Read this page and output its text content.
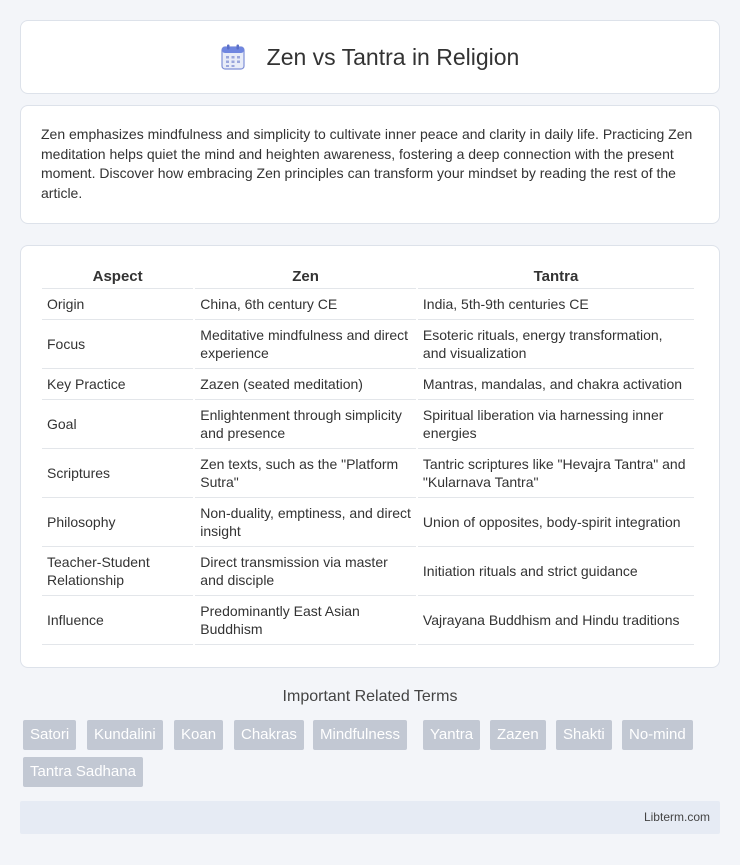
Zen vs Tantra in Religion

Zen emphasizes mindfulness and simplicity to cultivate inner peace and clarity in daily life. Practicing Zen meditation helps quiet the mind and heighten awareness, fostering a deep connection with the present moment. Discover how embracing Zen principles can transform your mindset by reading the rest of the article.

Aspect	Zen	Tantra
Origin	China, 6th century CE	India, 5th-9th centuries CE
Focus	Meditative mindfulness and direct experience	Esoteric rituals, energy transformation, and visualization
Key Practice	Zazen (seated meditation)	Mantras, mandalas, and chakra activation
Goal	Enlightenment through simplicity and presence	Spiritual liberation via harnessing inner energies
Scriptures	Zen texts, such as the "Platform Sutra"	Tantric scriptures like "Hevajra Tantra" and "Kularnava Tantra"
Philosophy	Non-duality, emptiness, and direct insight	Union of opposites, body-spirit integration
Teacher-Student Relationship	Direct transmission via master and disciple	Initiation rituals and strict guidance
Influence	Predominantly East Asian Buddhism	Vajrayana Buddhism and Hindu traditions
Important Related Terms
Satori	Kundalini	Koan	Chakras	Mindfulness	Yantra	Zazen	Shakti	No-mind
Tantra Sadhana
Libterm.com
